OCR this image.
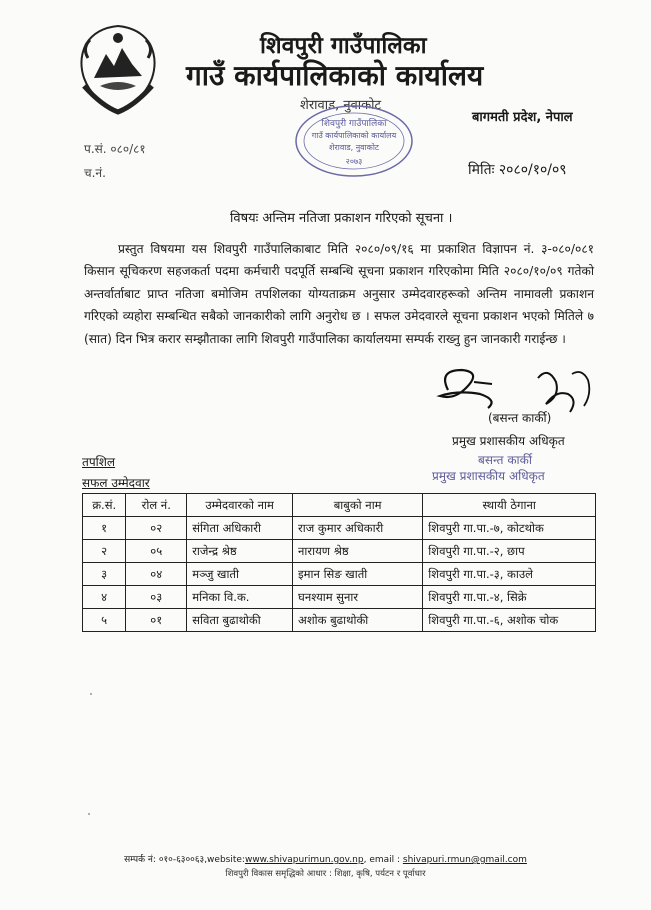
शिवपुरी गाउँपालिका
गाउँ कार्यपालिकाको कार्यालय
शेरावाड, नुवाकोट
शिवपुरी गाउँपालिका
गाउँ कार्यपालिकाको कार्यालय
शेरावाड, नुवाकोट
२०७३
बागमती प्रदेश, नेपाल
प.सं. ०८०/८१
च.नं.	मितिः २०८०/१०/०९
विषयः अन्तिम नतिजा प्रकाशन गरिएको सूचना ।
प्रस्तुत विषयमा यस शिवपुरी गाउँपालिकाबाट मिति २०८०/०९/१६ मा प्रकाशित विज्ञापन नं. ३-०८०/०८१ किसान सूचिकरण सहजकर्ता पदमा कर्मचारी पदपूर्ति सम्बन्धि सूचना प्रकाशन गरिएकोमा मिति २०८०/१०/०९ गतेको अन्तर्वार्ताबाट प्राप्त नतिजा बमोजिम तपशिलका योग्यताक्रम अनुसार उम्मेदवारहरूको अन्तिम नामावली प्रकाशन गरिएको व्यहोरा सम्बन्धित सबैको जानकारीको लागि अनुरोध छ । सफल उमेदवारले सूचना प्रकाशन भएको मितिले ७ (सात) दिन भित्र करार सम्झौताका लागि शिवपुरी गाउँपालिका कार्यालयमा सम्पर्क राख्नु हुन जानकारी गराईन्छ ।
(बसन्त कार्की)
प्रमुख प्रशासकीय अधिकृत
बसन्त कार्की
प्रमुख प्रशासकीय अधिकृत
तपशिल
सफल उम्मेदवार
क्र.सं.	रोल नं.	उम्मेदवारको नाम	बाबुको नाम	स्थायी ठेगाना
१	०२	संगिता अधिकारी	राज कुमार अधिकारी	शिवपुरी गा.पा.-७, कोटथोक
२	०५	राजेन्द्र श्रेष्ठ	नारायण श्रेष्ठ	शिवपुरी गा.पा.-२, छाप
३	०४	मञ्जु खाती	इमान सिङ खाती	शिवपुरी गा.पा.-३, काउले
४	०३	मनिका वि.क.	घनश्याम सुनार	शिवपुरी गा.पा.-४, सिक्रे
५	०१	सविता बुढाथोकी	अशोक बुढाथोकी	शिवपुरी गा.पा.-६, अशोक चोक
सम्पर्क नं: ०१०-६३००६३,website:www.shivapurimun.gov.np, email : shivapuri.rmun@gmail.com
शिवपुरी विकास समृद्धिको आधार : शिक्षा, कृषि, पर्यटन र पूर्वाधार
